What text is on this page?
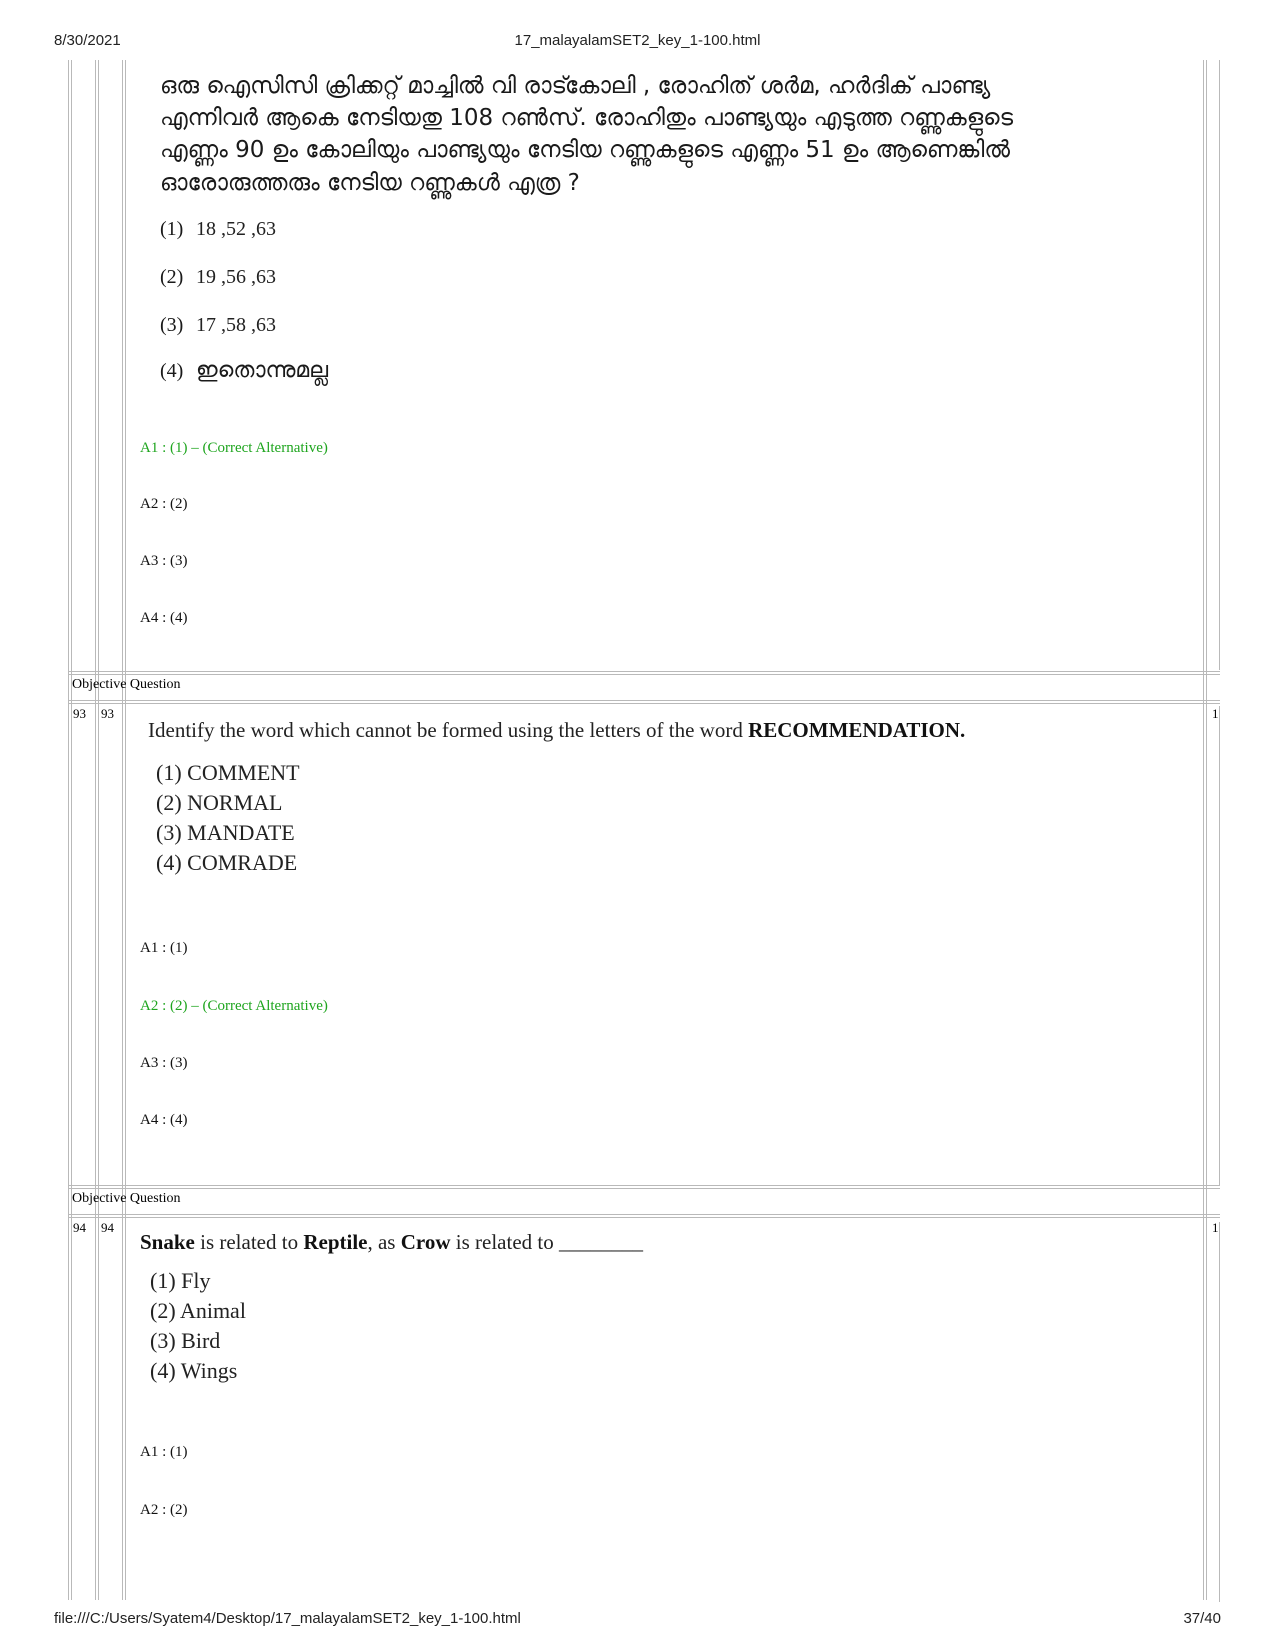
8/30/2021	17_malayalamSET2_key_1-100.html
file:///C:/Users/Syatem4/Desktop/17_malayalamSET2_key_1-100.html	37/40
ഒരു ഐസിസി ക്രിക്കറ്റ് മാച്ചിൽ വി രാട്കോലി , രോഹിത് ശർമ, ഹർദിക് പാണ്ട്യ
എന്നിവർ ആകെ നേടിയതു 108 റൺസ്. രോഹിതും പാണ്ട്യയും എടുത്ത റണ്ണുകളുടെ
എണ്ണം 90 ഉം കോലിയും പാണ്ട്യയും നേടിയ റണ്ണുകളുടെ എണ്ണം 51 ഉം ആണെങ്കിൽ
ഓരോരുത്തരും നേടിയ റണ്ണുകൾ എത്ര ?
(1) 18 ,52 ,63
(2) 19 ,56 ,63
(3) 17 ,58 ,63
(4) ഇതൊന്നുമല്ല
A1 : (1) – (Correct Alternative)
A2 : (2)
A3 : (3)
A4 : (4)
Objective Question
93 93	1
Identify the word which cannot be formed using the letters of the word RECOMMENDATION.
(1) COMMENT
(2) NORMAL
(3) MANDATE
(4) COMRADE
A1 : (1)
A2 : (2) – (Correct Alternative)
A3 : (3)
A4 : (4)
Objective Question
94 94	1
Snake is related to Reptile, as Crow is related to ________
(1) Fly
(2) Animal
(3) Bird
(4) Wings
A1 : (1)
A2 : (2)
